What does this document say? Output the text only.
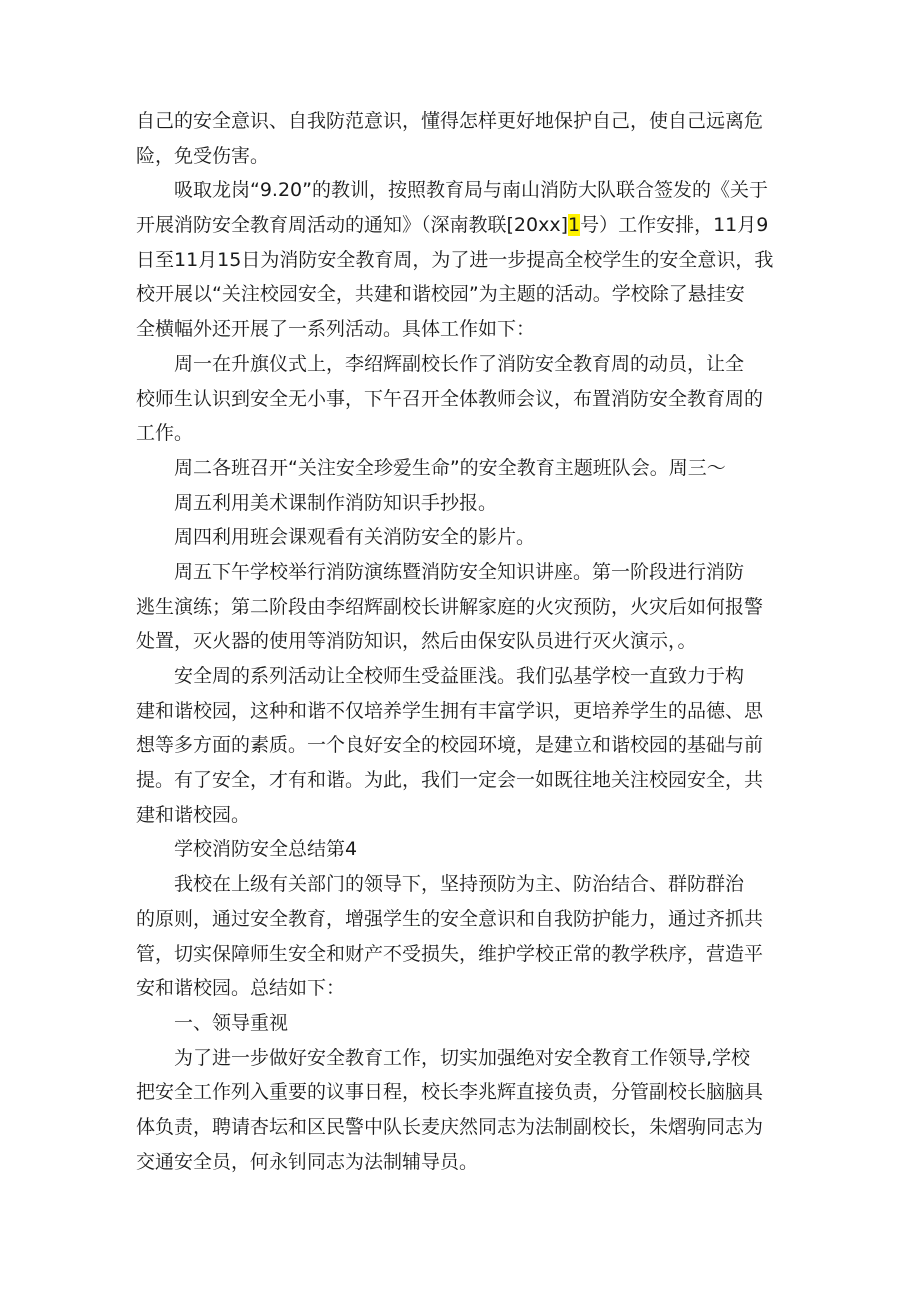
自己的安全意识、自我防范意识，懂得怎样更好地保护自己，使自己远离危
险，免受伤害。
吸取龙岗“9.20”的教训，按照教育局与南山消防大队联合签发的《关于
开展消防安全教育周活动的通知》（深南教联[20xx]1号）工作安排，11月9
日至11月15日为消防安全教育周，为了进一步提高全校学生的安全意识，我
校开展以“关注校园安全，共建和谐校园”为主题的活动。学校除了悬挂安
全横幅外还开展了一系列活动。具体工作如下：
周一在升旗仪式上，李绍辉副校长作了消防安全教育周的动员，让全
校师生认识到安全无小事，下午召开全体教师会议，布置消防安全教育周的
工作。
周二各班召开“关注安全珍爱生命”的安全教育主题班队会。周三～
周五利用美术课制作消防知识手抄报。
周四利用班会课观看有关消防安全的影片。
周五下午学校举行消防演练暨消防安全知识讲座。第一阶段进行消防
逃生演练；第二阶段由李绍辉副校长讲解家庭的火灾预防，火灾后如何报警
处置，灭火器的使用等消防知识，然后由保安队员进行灭火演示，。
安全周的系列活动让全校师生受益匪浅。我们弘基学校一直致力于构
建和谐校园，这种和谐不仅培养学生拥有丰富学识，更培养学生的品德、思
想等多方面的素质。一个良好安全的校园环境，是建立和谐校园的基础与前
提。有了安全，才有和谐。为此，我们一定会一如既往地关注校园安全，共
建和谐校园。
学校消防安全总结第4
我校在上级有关部门的领导下，坚持预防为主、防治结合、群防群治
的原则，通过安全教育，增强学生的安全意识和自我防护能力，通过齐抓共
管，切实保障师生安全和财产不受损失，维护学校正常的教学秩序，营造平
安和谐校园。总结如下：
一、领导重视
为了进一步做好安全教育工作，切实加强绝对安全教育工作领导,学校
把安全工作列入重要的议事日程，校长李兆辉直接负责，分管副校长脑脑具
体负责，聘请杏坛和区民警中队长麦庆然同志为法制副校长，朱熠驹同志为
交通安全员，何永钊同志为法制辅导员。
